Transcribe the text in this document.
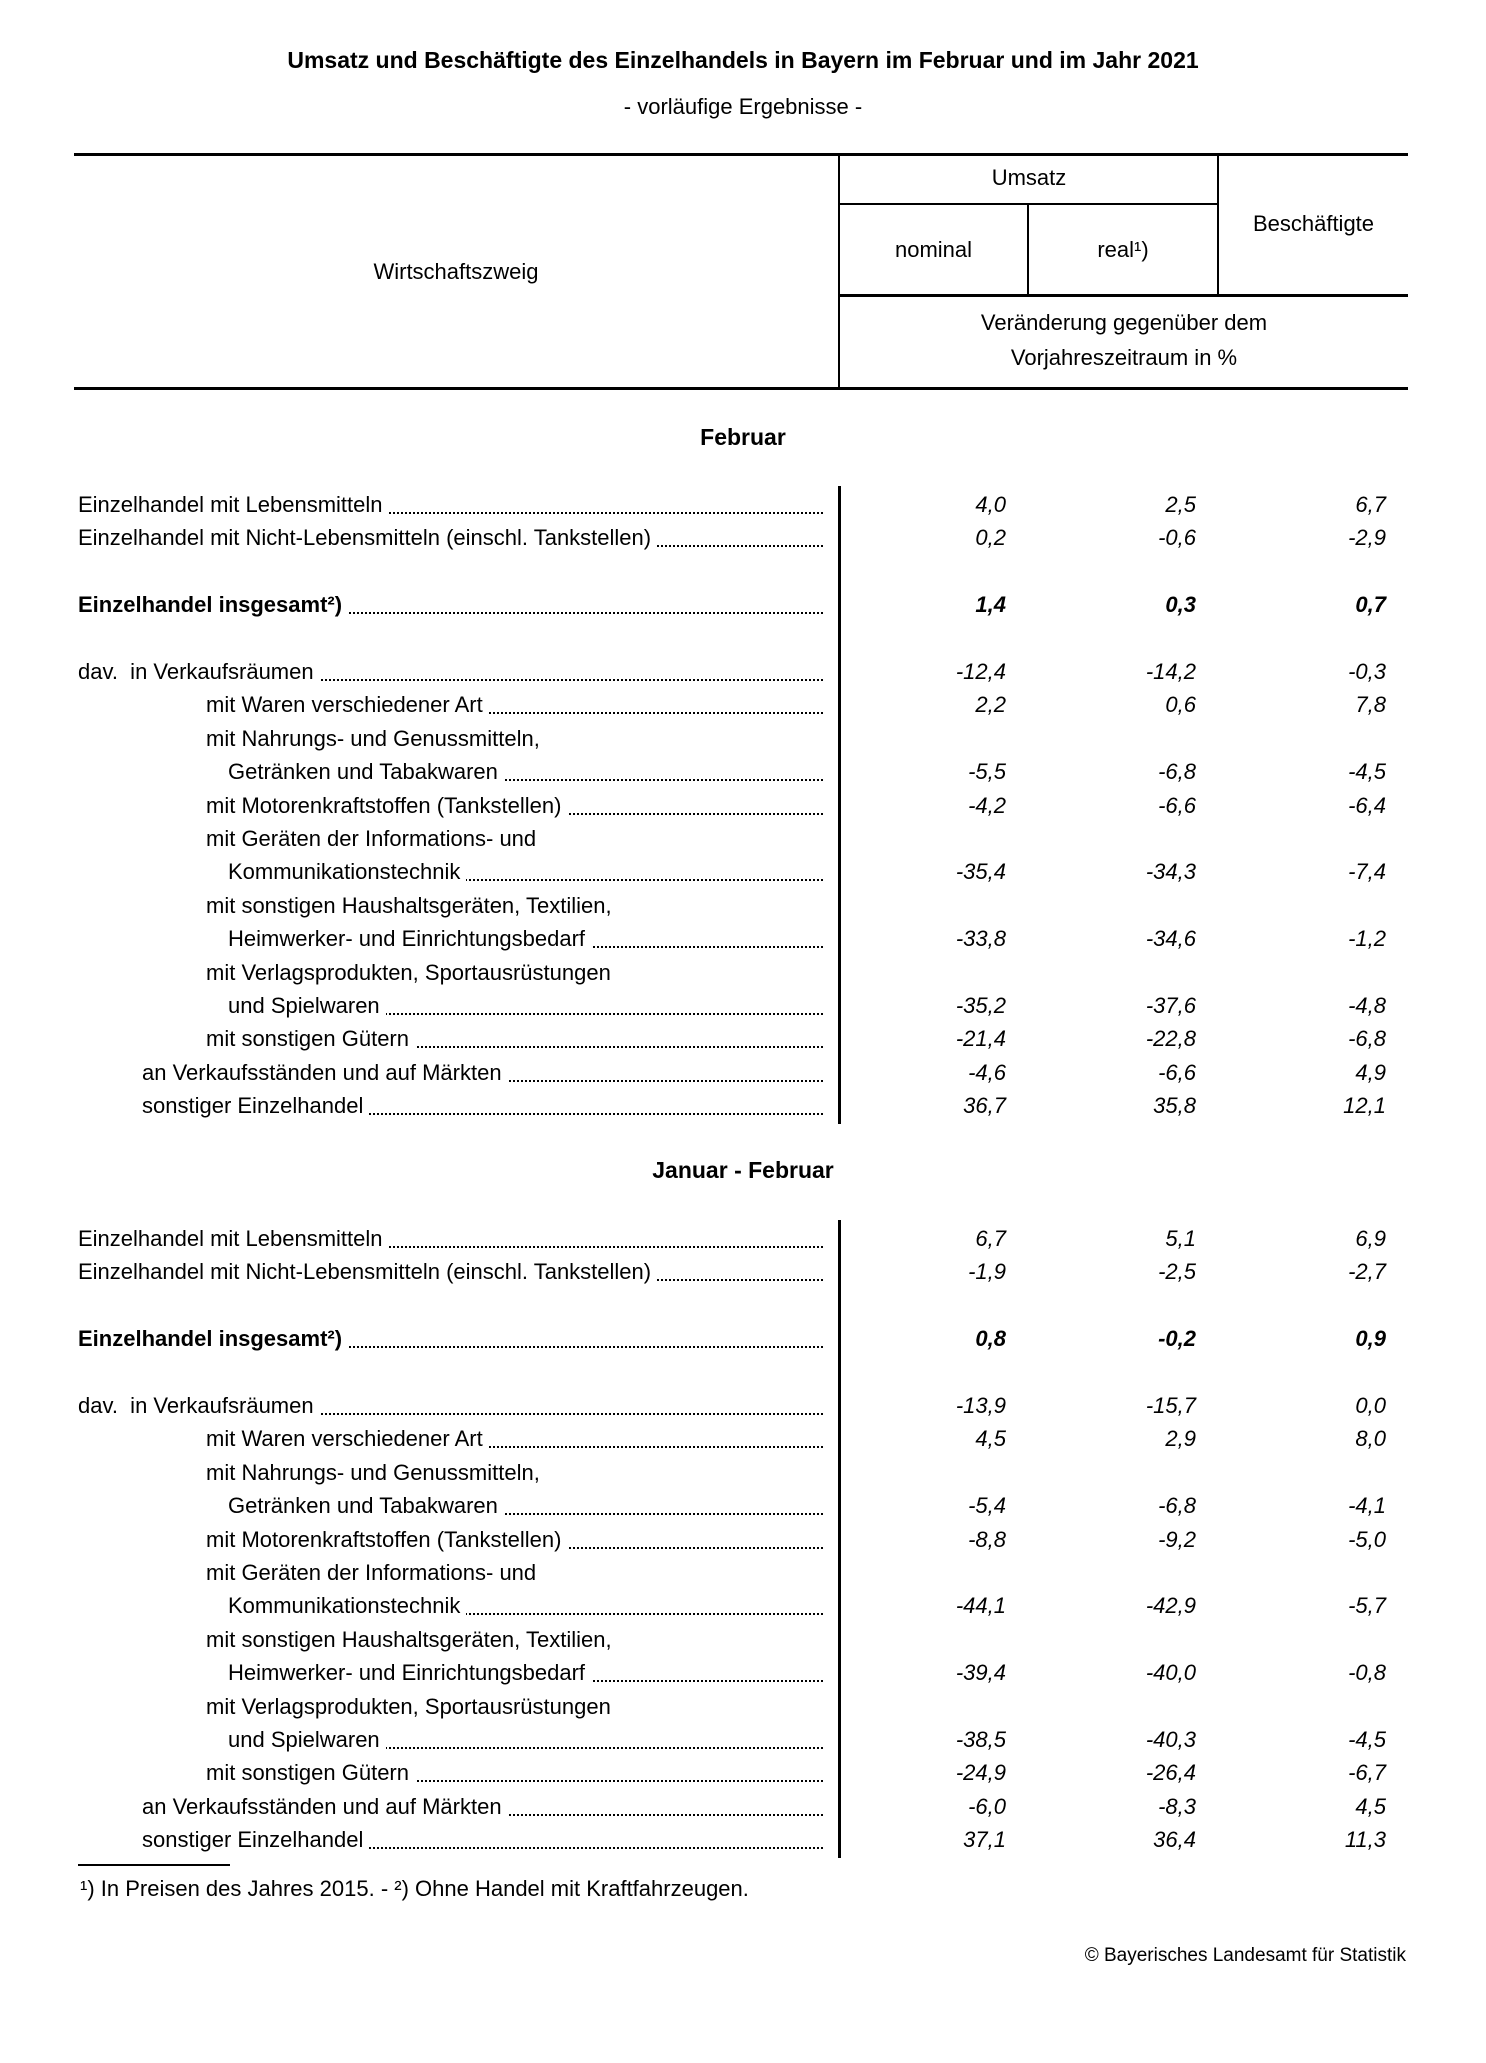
Umsatz und Beschäftigte des Einzelhandels in Bayern im Februar und im Jahr 2021
- vorläufige Ergebnisse -
Wirtschaftszweig
Umsatz
nominal	real¹)
Beschäftigte
Veränderung gegenüber dem
Vorjahreszeitraum in %
Februar
Einzelhandel mit Lebensmitteln	4,0	2,5	6,7
Einzelhandel mit Nicht-Lebensmitteln (einschl. Tankstellen)	0,2	-0,6	-2,9
Einzelhandel insgesamt²)	1,4	0,3	0,7
dav.  in Verkaufsräumen	-12,4	-14,2	-0,3
mit Waren verschiedener Art	2,2	0,6	7,8
mit Nahrungs- und Genussmitteln,
Getränken und Tabakwaren	-5,5	-6,8	-4,5
mit Motorenkraftstoffen (Tankstellen)	-4,2	-6,6	-6,4
mit Geräten der Informations- und
Kommunikationstechnik	-35,4	-34,3	-7,4
mit sonstigen Haushaltsgeräten, Textilien,
Heimwerker- und Einrichtungsbedarf	-33,8	-34,6	-1,2
mit Verlagsprodukten, Sportausrüstungen
und Spielwaren	-35,2	-37,6	-4,8
mit sonstigen Gütern	-21,4	-22,8	-6,8
an Verkaufsständen und auf Märkten	-4,6	-6,6	4,9
sonstiger Einzelhandel	36,7	35,8	12,1
Januar - Februar
Einzelhandel mit Lebensmitteln	6,7	5,1	6,9
Einzelhandel mit Nicht-Lebensmitteln (einschl. Tankstellen)	-1,9	-2,5	-2,7
Einzelhandel insgesamt²)	0,8	-0,2	0,9
dav.  in Verkaufsräumen	-13,9	-15,7	0,0
mit Waren verschiedener Art	4,5	2,9	8,0
mit Nahrungs- und Genussmitteln,
Getränken und Tabakwaren	-5,4	-6,8	-4,1
mit Motorenkraftstoffen (Tankstellen)	-8,8	-9,2	-5,0
mit Geräten der Informations- und
Kommunikationstechnik	-44,1	-42,9	-5,7
mit sonstigen Haushaltsgeräten, Textilien,
Heimwerker- und Einrichtungsbedarf	-39,4	-40,0	-0,8
mit Verlagsprodukten, Sportausrüstungen
und Spielwaren	-38,5	-40,3	-4,5
mit sonstigen Gütern	-24,9	-26,4	-6,7
an Verkaufsständen und auf Märkten	-6,0	-8,3	4,5
sonstiger Einzelhandel	37,1	36,4	11,3
¹) In Preisen des Jahres 2015. - ²) Ohne Handel mit Kraftfahrzeugen.
© Bayerisches Landesamt für Statistik
